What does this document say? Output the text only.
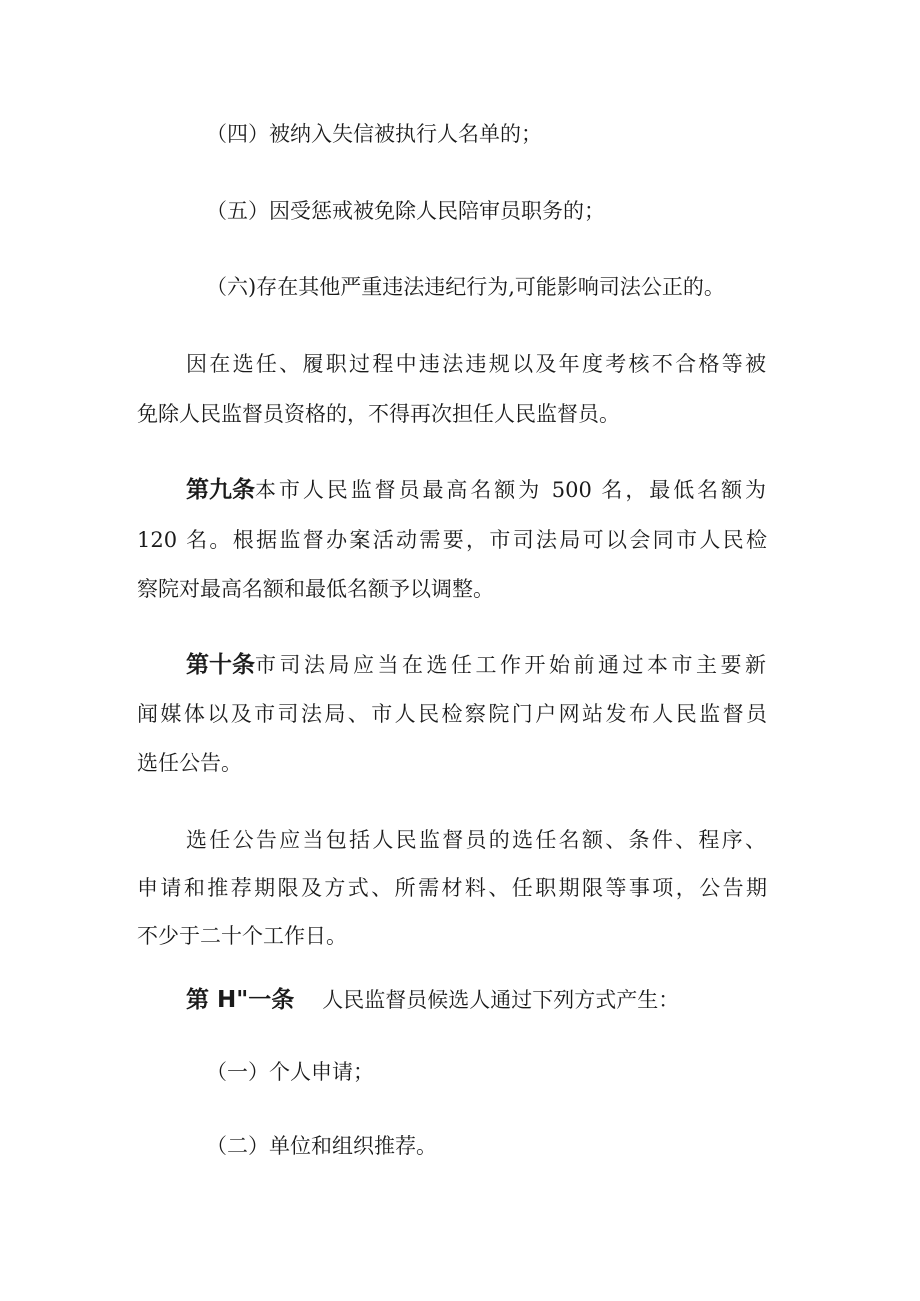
（四）被纳入失信被执行人名单的；
（五）因受惩戒被免除人民陪审员职务的；
（六)存在其他严重违法违纪行为,可能影响司法公正的。
因在选任、履职过程中违法违规以及年度考核不合格等被
免除人民监督员资格的，不得再次担任人民监督员。
第九条 本市人民监督员最高名额为 500 名，最低名额为
120 名。根据监督办案活动需要，市司法局可以会同市人民检
察院对最高名额和最低名额予以调整。
第十条 市司法局应当在选任工作开始前通过本市主要新
闻媒体以及市司法局、市人民检察院门户网站发布人民监督员
选任公告。
选任公告应当包括人民监督员的选任名额、条件、程序、
申请和推荐期限及方式、所需材料、任职期限等事项，公告期
不少于二十个工作日。
第 H"一条 人民监督员候选人通过下列方式产生：
（一）个人申请；
（二）单位和组织推荐。
